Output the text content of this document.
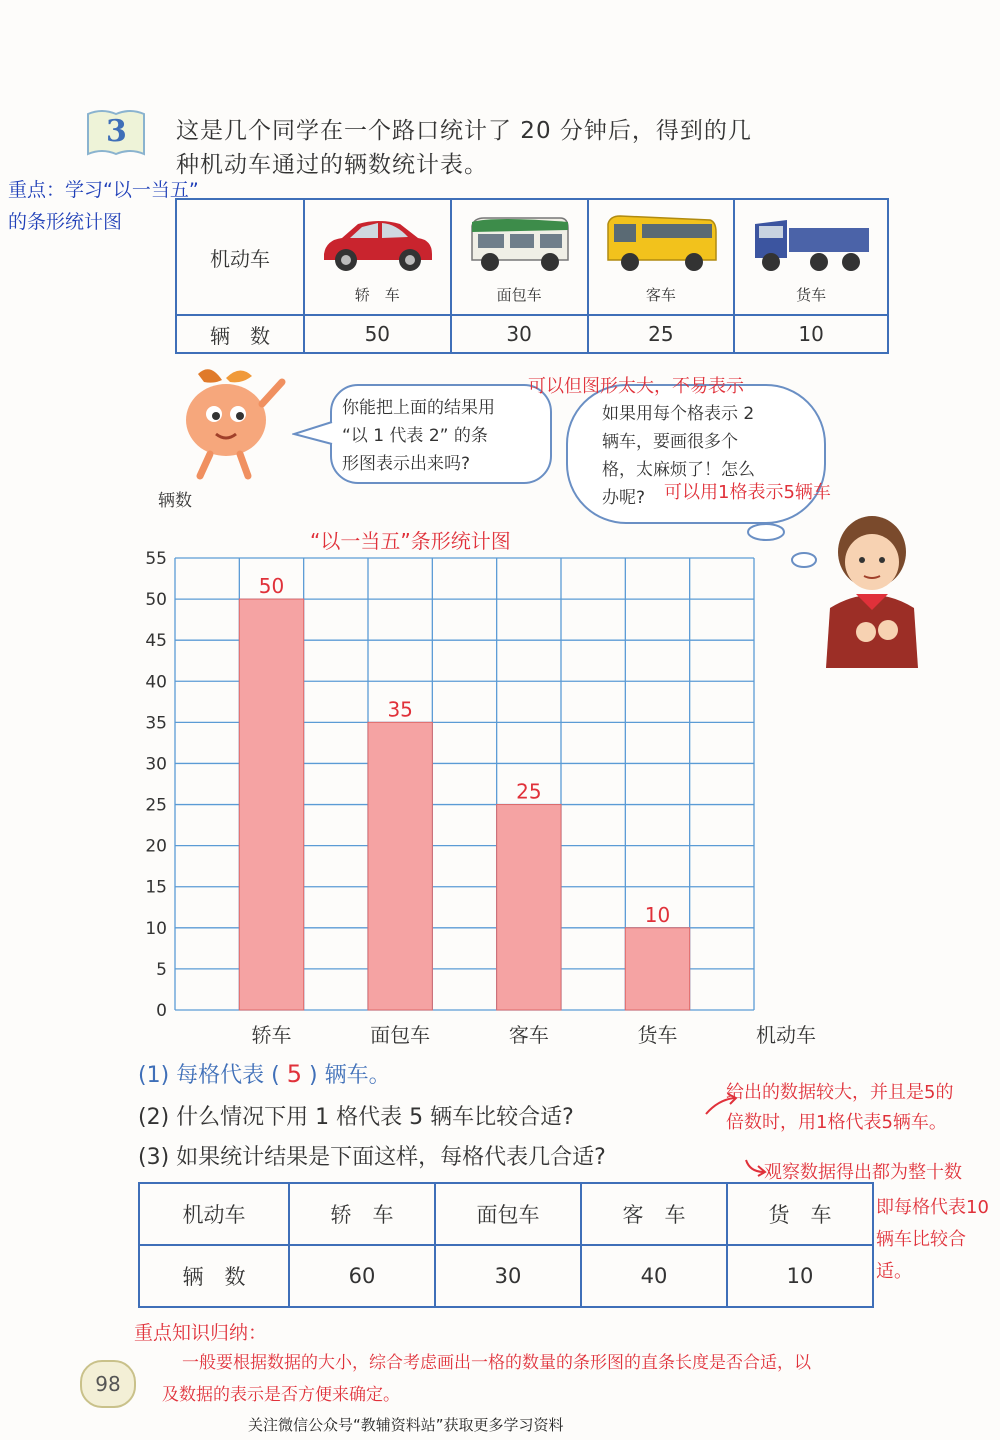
3 这是几个同学在一个路口统计了 20 分钟后，得到的几
种机动车通过的辆数统计表。
重点：学习“以一当五”
的条形统计图
机动车	轿　车	面包车	客车	货车

辆　数	50	30	25	10
你能把上面的结果用
“以 1 代表 2” 的条
形图表示出来吗?
如果用每个格表示 2
辆车，要画很多个
格，太麻烦了！怎么
办呢?
可以但图形太大，不易表示
可以用1格表示5辆车
辆数
“以一当五”条形统计图
50
35
25
10
0
5
10
15
20
25
30
35
40
45
50
55
轿车	面包车	客车	货车	机动车
(1) 每格代表 ( 5 ) 辆车。
(2) 什么情况下用 1 格代表 5 辆车比较合适?
(3) 如果统计结果是下面这样，每格代表几合适?
给出的数据较大，并且是5的
倍数时，用1格代表5辆车。
观察数据得出都为整十数
即每格代表10
辆车比较合适。
机动车	轿　车	面包车	客　车	货　车
辆　数	60	30	40	10
重点知识归纳：
一般要根据数据的大小，综合考虑画出一格的数量的条形图的直条长度是否合适，以
及数据的表示是否方便来确定。
98
关注微信公众号“教辅资料站”获取更多学习资料
